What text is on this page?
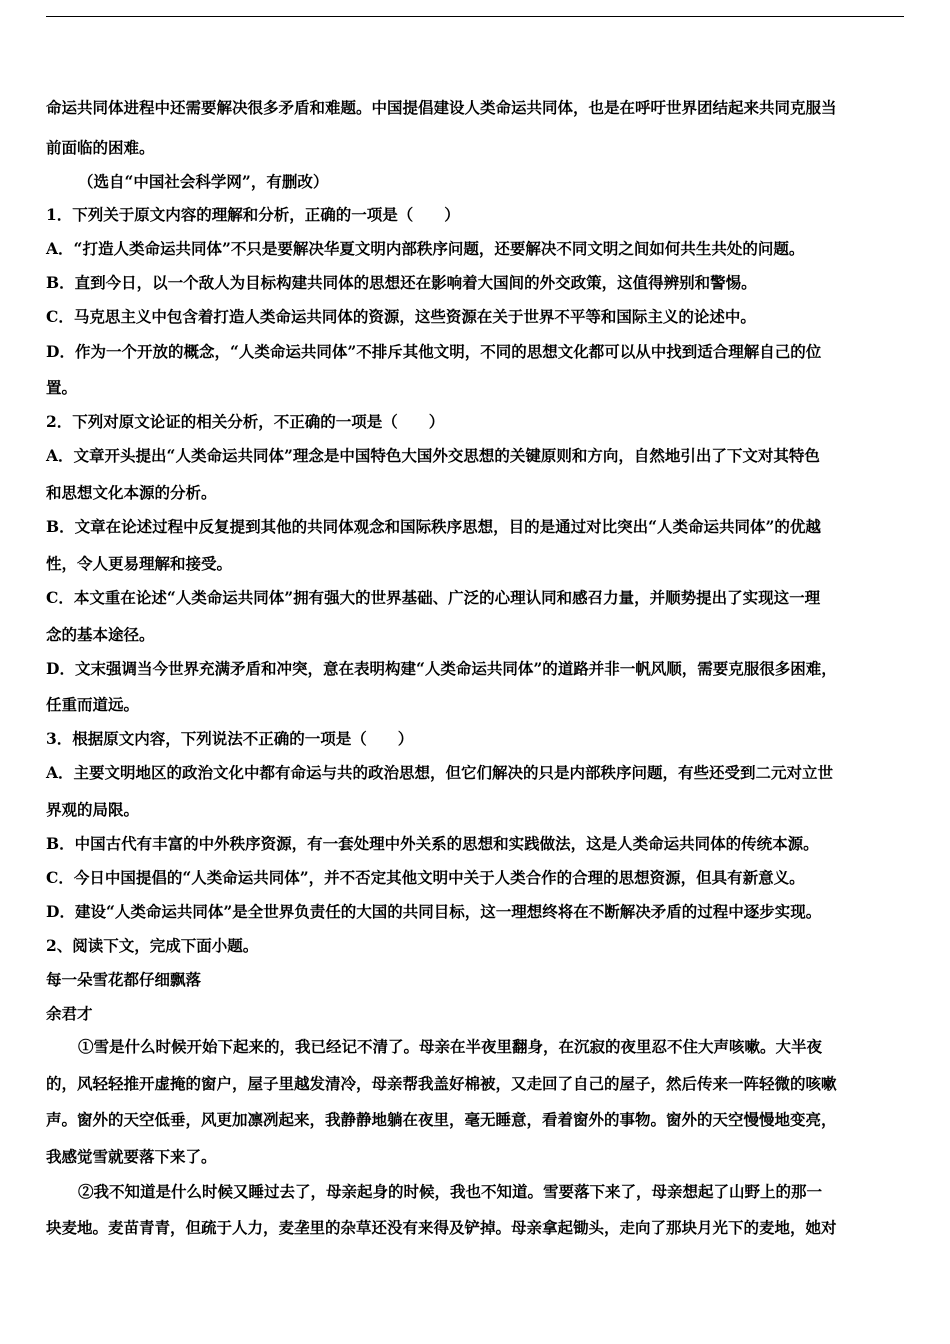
命运共同体进程中还需要解决很多矛盾和难题。中国提倡建设人类命运共同体，也是在呼吁世界团结起来共同克服当
前面临的困难。
（选自“中国社会科学网”，有删改）
1．下列关于原文内容的理解和分析，正确的一项是（　　）
A．“打造人类命运共同体”不只是要解决华夏文明内部秩序问题，还要解决不同文明之间如何共生共处的问题。
B．直到今日，以一个敌人为目标构建共同体的思想还在影响着大国间的外交政策，这值得辨别和警惕。
C．马克思主义中包含着打造人类命运共同体的资源，这些资源在关于世界不平等和国际主义的论述中。
D．作为一个开放的概念，“人类命运共同体”不排斥其他文明，不同的思想文化都可以从中找到适合理解自己的位
置。
2．下列对原文论证的相关分析，不正确的一项是（　　）
A．文章开头提出“人类命运共同体”理念是中国特色大国外交思想的关键原则和方向，自然地引出了下文对其特色
和思想文化本源的分析。
B．文章在论述过程中反复提到其他的共同体观念和国际秩序思想，目的是通过对比突出“人类命运共同体”的优越
性，令人更易理解和接受。
C．本文重在论述“人类命运共同体”拥有强大的世界基础、广泛的心理认同和感召力量，并顺势提出了实现这一理
念的基本途径。
D．文末强调当今世界充满矛盾和冲突，意在表明构建“人类命运共同体”的道路并非一帆风顺，需要克服很多困难，
任重而道远。
3．根据原文内容，下列说法不正确的一项是（　　）
A．主要文明地区的政治文化中都有命运与共的政治思想，但它们解决的只是内部秩序问题，有些还受到二元对立世
界观的局限。
B．中国古代有丰富的中外秩序资源，有一套处理中外关系的思想和实践做法，这是人类命运共同体的传统本源。
C．今日中国提倡的“人类命运共同体”，并不否定其他文明中关于人类合作的合理的思想资源，但具有新意义。
D．建设“人类命运共同体”是全世界负责任的大国的共同目标，这一理想终将在不断解决矛盾的过程中逐步实现。
2、阅读下文，完成下面小题。
每一朵雪花都仔细飘落
余君才
①雪是什么时候开始下起来的，我已经记不清了。母亲在半夜里翻身，在沉寂的夜里忍不住大声咳嗽。大半夜
的，风轻轻推开虚掩的窗户，屋子里越发清冷，母亲帮我盖好棉被，又走回了自己的屋子，然后传来一阵轻微的咳嗽
声。窗外的天空低垂，风更加凛冽起来，我静静地躺在夜里，毫无睡意，看着窗外的事物。窗外的天空慢慢地变亮，
我感觉雪就要落下来了。
②我不知道是什么时候又睡过去了，母亲起身的时候，我也不知道。雪要落下来了，母亲想起了山野上的那一
块麦地。麦苗青青，但疏于人力，麦垄里的杂草还没有来得及铲掉。母亲拿起锄头，走向了那块月光下的麦地，她对
